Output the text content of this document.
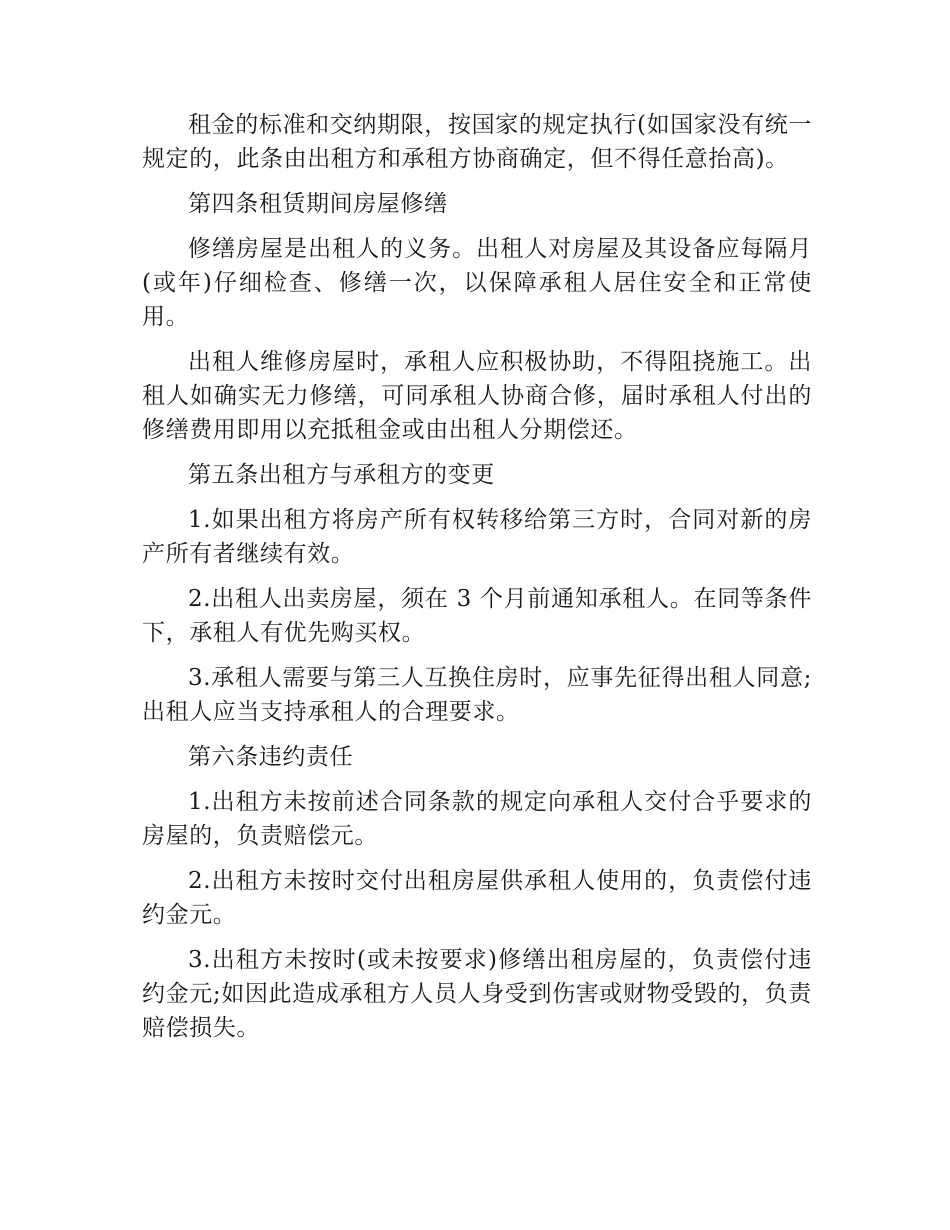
租金的标准和交纳期限，按国家的规定执行(如国家没有统一规定的，此条由出租方和承租方协商确定，但不得任意抬高)。

第四条租赁期间房屋修缮

修缮房屋是出租人的义务。出租人对房屋及其设备应每隔月(或年)仔细检查、修缮一次，以保障承租人居住安全和正常使用。

出租人维修房屋时，承租人应积极协助，不得阻挠施工。出租人如确实无力修缮，可同承租人协商合修，届时承租人付出的修缮费用即用以充抵租金或由出租人分期偿还。

第五条出租方与承租方的变更

1.如果出租方将房产所有权转移给第三方时，合同对新的房产所有者继续有效。

2.出租人出卖房屋，须在 3 个月前通知承租人。在同等条件下，承租人有优先购买权。

3.承租人需要与第三人互换住房时，应事先征得出租人同意;出租人应当支持承租人的合理要求。

第六条违约责任

1.出租方未按前述合同条款的规定向承租人交付合乎要求的房屋的，负责赔偿元。

2.出租方未按时交付出租房屋供承租人使用的，负责偿付违约金元。

3.出租方未按时(或未按要求)修缮出租房屋的，负责偿付违约金元;如因此造成承租方人员人身受到伤害或财物受毁的，负责赔偿损失。
